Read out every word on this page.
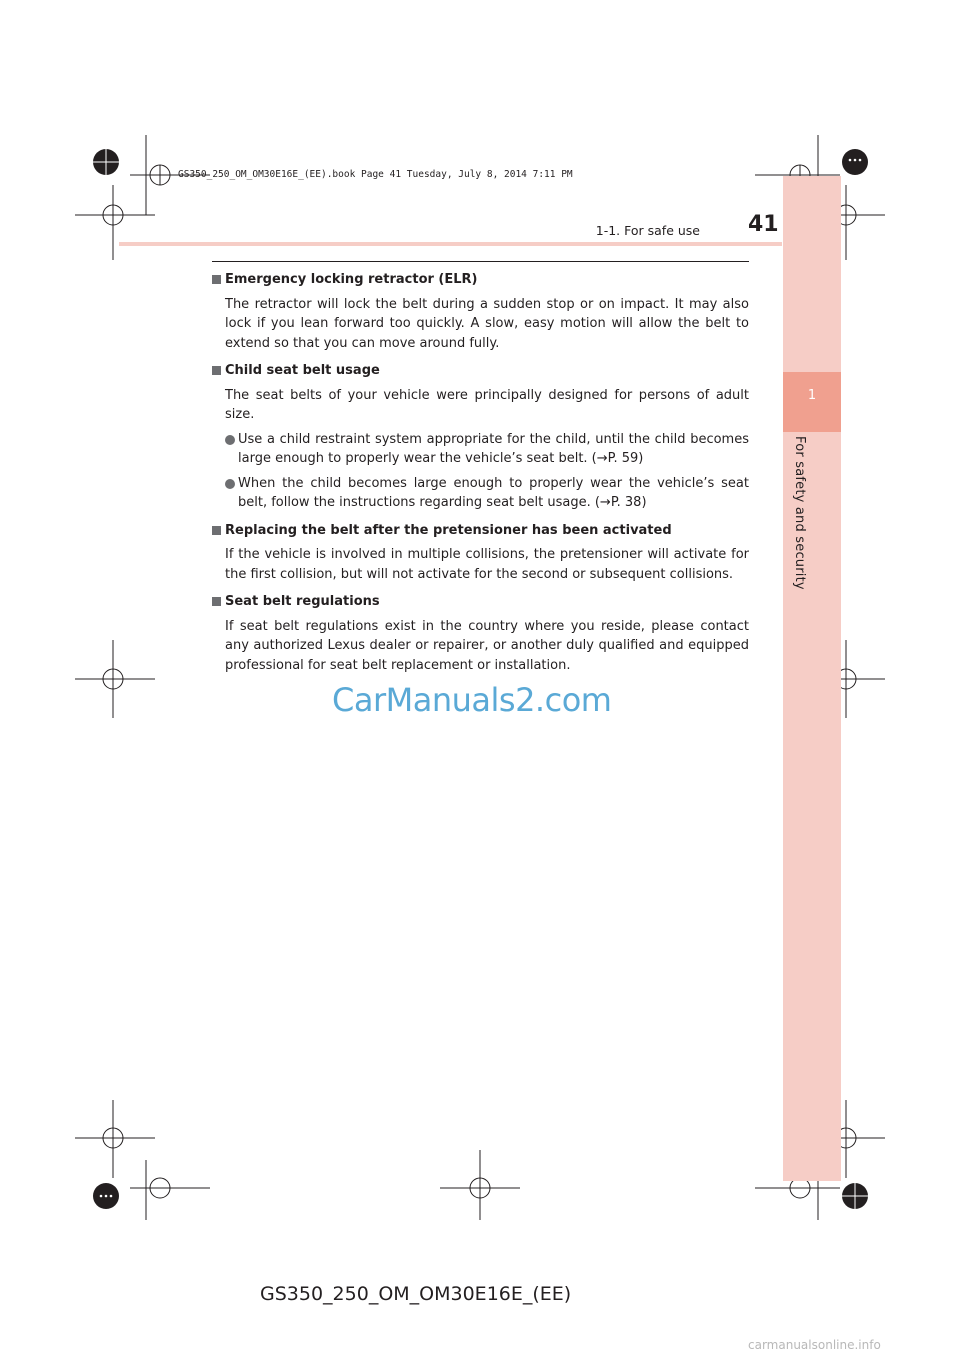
GS350_250_OM_OM30E16E_(EE).book Page 41 Tuesday, July 8, 2014 7:11 PM
1
For safety and security
1-1. For safe use 41

Emergency locking retractor (ELR)

The retractor will lock the belt during a sudden stop or on impact. It may also lock if you lean forward too quickly. A slow, easy motion will allow the belt to extend so that you can move around fully.

Child seat belt usage

The seat belts of your vehicle were principally designed for persons of adult size.

Use a child restraint system appropriate for the child, until the child becomes large enough to properly wear the vehicle’s seat belt. (→P. 59)

When the child becomes large enough to properly wear the vehicle’s seat belt, follow the instructions regarding seat belt usage. (→P. 38)

Replacing the belt after the pretensioner has been activated

If the vehicle is involved in multiple collisions, the pretensioner will activate for the first collision, but will not activate for the second or subsequent collisions.

Seat belt regulations

If seat belt regulations exist in the country where you reside, please contact any authorized Lexus dealer or repairer, or another duly qualified and equipped professional for seat belt replacement or installation.

CarManuals2.com
GS350_250_OM_OM30E16E_(EE)
carmanualsonline.info
